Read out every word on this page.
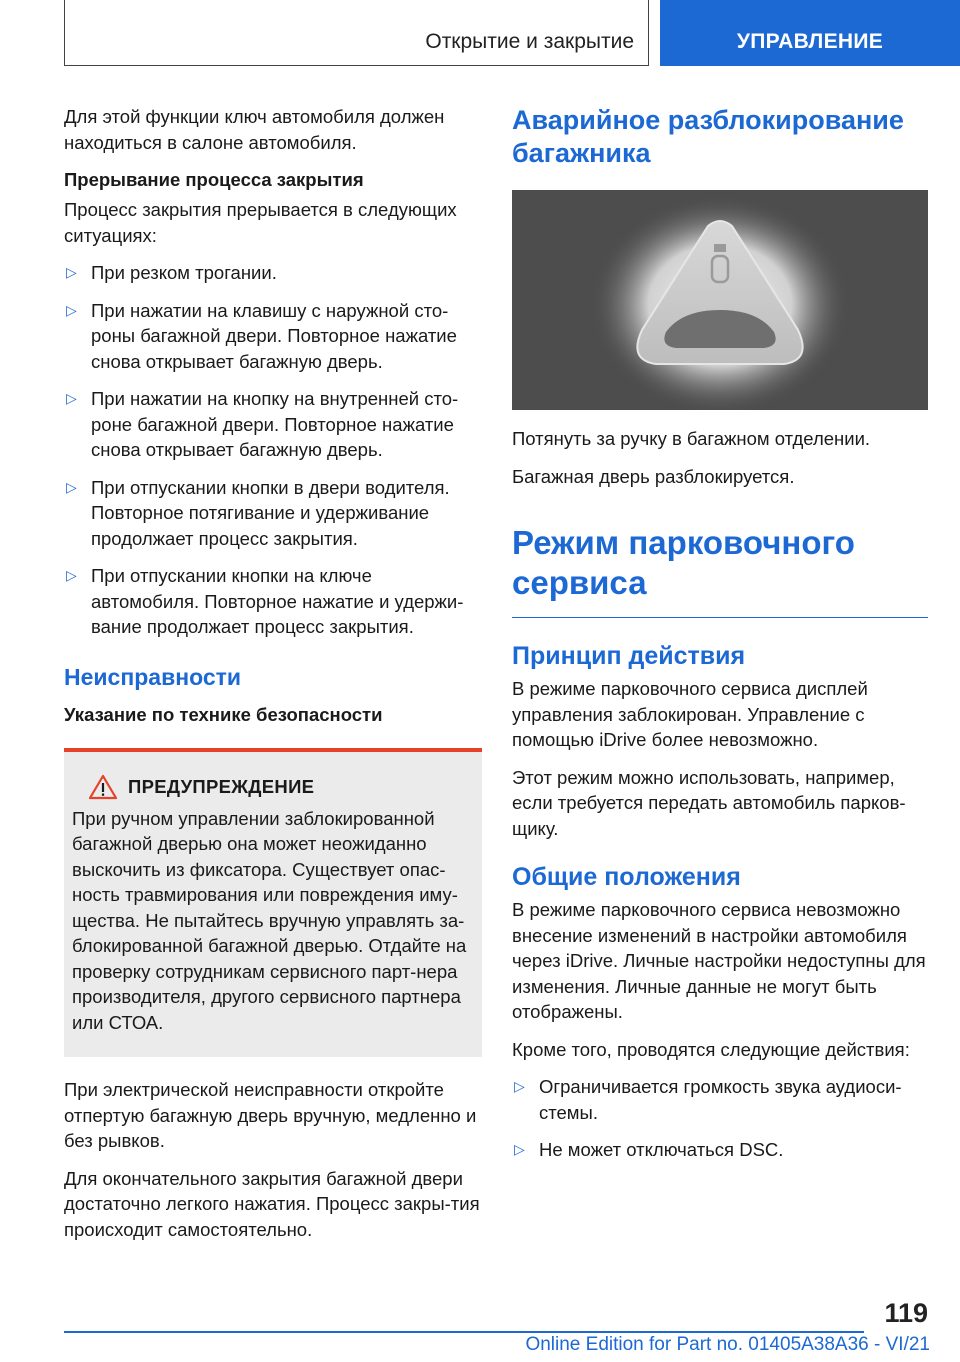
Открытие и закрытие	УПРАВЛЕНИЕ

Для этой функции ключ автомобиля должен находиться в салоне автомобиля.

Прерывание процесса закрытия

Процесс закрытия прерывается в следующих ситуациях:

▷ При резком трогании.
▷ При нажатии на клавишу с наружной сто-роны багажной двери. Повторное нажатие снова открывает багажную дверь.
▷ При нажатии на кнопку на внутренней сто-роне багажной двери. Повторное нажатие снова открывает багажную дверь.
▷ При отпускании кнопки в двери водителя. Повторное потягивание и удерживание продолжает процесс закрытия.
▷ При отпускании кнопки на ключе автомобиля. Повторное нажатие и удержи-вание продолжает процесс закрытия.
Неисправности
Указание по технике безопасности
ПРЕДУПРЕЖДЕНИЕ

При ручном управлении заблокированной багажной дверью она может неожиданно выскочить из фиксатора. Существует опас-ность травмирования или повреждения иму-щества. Не пытайтесь вручную управлять за-блокированной багажной дверью. Отдайте на проверку сотрудникам сервисного парт-нера производителя, другого сервисного партнера или СТОА.

При электрической неисправности откройте отпертую багажную дверь вручную, медленно и без рывков.

Для окончательного закрытия багажной двери достаточно легкого нажатия. Процесс закры-тия происходит самостоятельно.

Аварийное разблокирование багажника

Потянуть за ручку в багажном отделении.

Багажная дверь разблокируется.

Режим парковочного сервиса
Принцип действия

В режиме парковочного сервиса дисплей управления заблокирован. Управление с помощью iDrive более невозможно.

Этот режим можно использовать, например, если требуется передать автомобиль парков-щику.

Общие положения

В режиме парковочного сервиса невозможно внесение изменений в настройки автомобиля через iDrive. Личные настройки недоступны для изменения. Личные данные не могут быть отображены.

Кроме того, проводятся следующие действия:

▷ Ограничивается громкость звука аудиоси-стемы.
▷ Не может отключаться DSC.
119
Online Edition for Part no. 01405A38A36 - VI/21
